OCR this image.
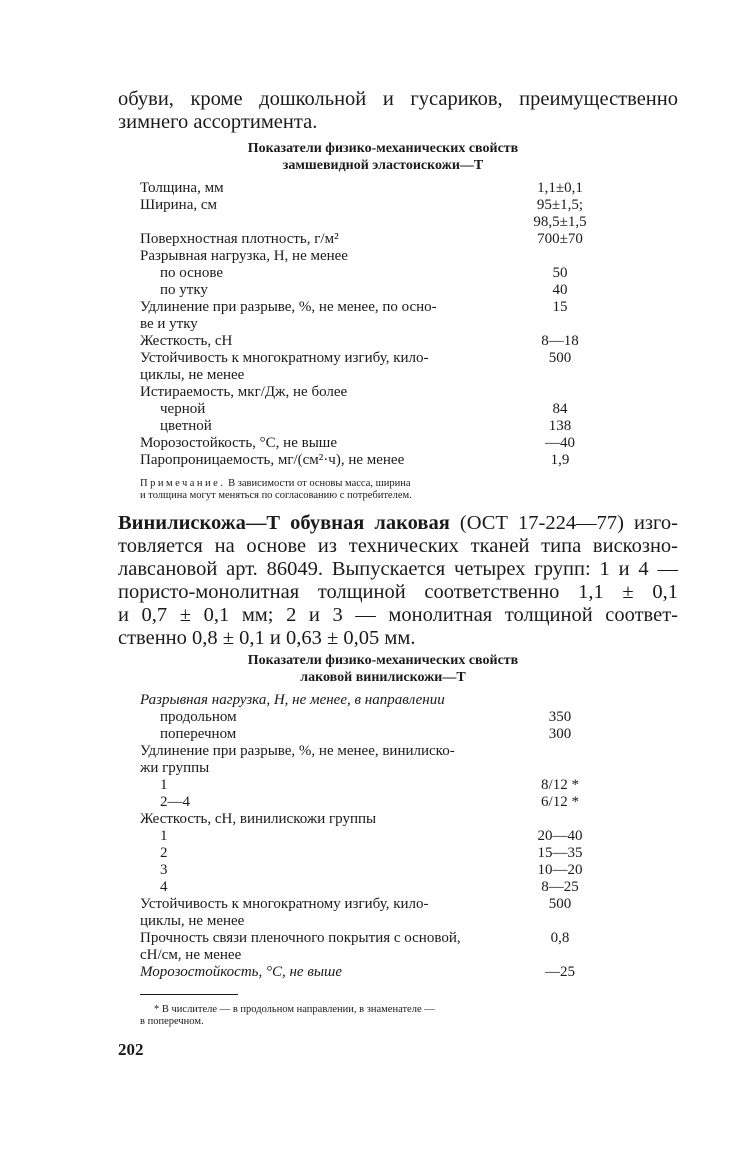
обуви, кроме дошкольной и гусариков, преимущественно
зимнего ассортимента.
Показатели физико-механических свойств
замшевидной эластоискожи—Т
Толщина, мм	1,1±0,1
Ширина, см	95±1,5;
98,5±1,5
Поверхностная плотность, г/м²	700±70
Разрывная нагрузка, Н, не менее
по основе	50
по утку	40
Удлинение при разрыве, %, не менее, по осно-	15
ве и утку
Жесткость, сН	8—18
Устойчивость к многократному изгибу, кило-	500
циклы, не менее
Истираемость, мкг/Дж, не более
черной	84
цветной	138
Морозостойкость, °С, не выше	—40
Паропроницаемость, мг/(см²·ч), не менее	1,9
Примечание. В зависимости от основы масса, ширина
и толщина могут меняться по согласованию с потребителем.
Винилискожа—Т обувная лаковая (ОСТ 17-224—77) изго-
товляется на основе из технических тканей типа вискозно-
лавсановой арт. 86049. Выпускается четырех групп: 1 и 4 —
пористо-монолитная толщиной соответственно 1,1 ± 0,1
и 0,7 ± 0,1 мм; 2 и 3 — монолитная толщиной соответ-
ственно 0,8 ± 0,1 и 0,63 ± 0,05 мм.
Показатели физико-механических свойств
лаковой винилискожи—Т
Разрывная нагрузка, Н, не менее, в направлении
продольном	350
поперечном	300
Удлинение при разрыве, %, не менее, винилиско-
жи группы
1	8/12 *
2—4	6/12 *
Жесткость, сН, винилискожи группы
1	20—40
2	15—35
3	10—20
4	8—25
Устойчивость к многократному изгибу, кило-	500
циклы, не менее
Прочность связи пленочного покрытия с основой,	0,8
сН/см, не менее
Морозостойкость, °С, не выше	—25
* В числителе — в продольном направлении, в знаменателе —
в поперечном.
202
